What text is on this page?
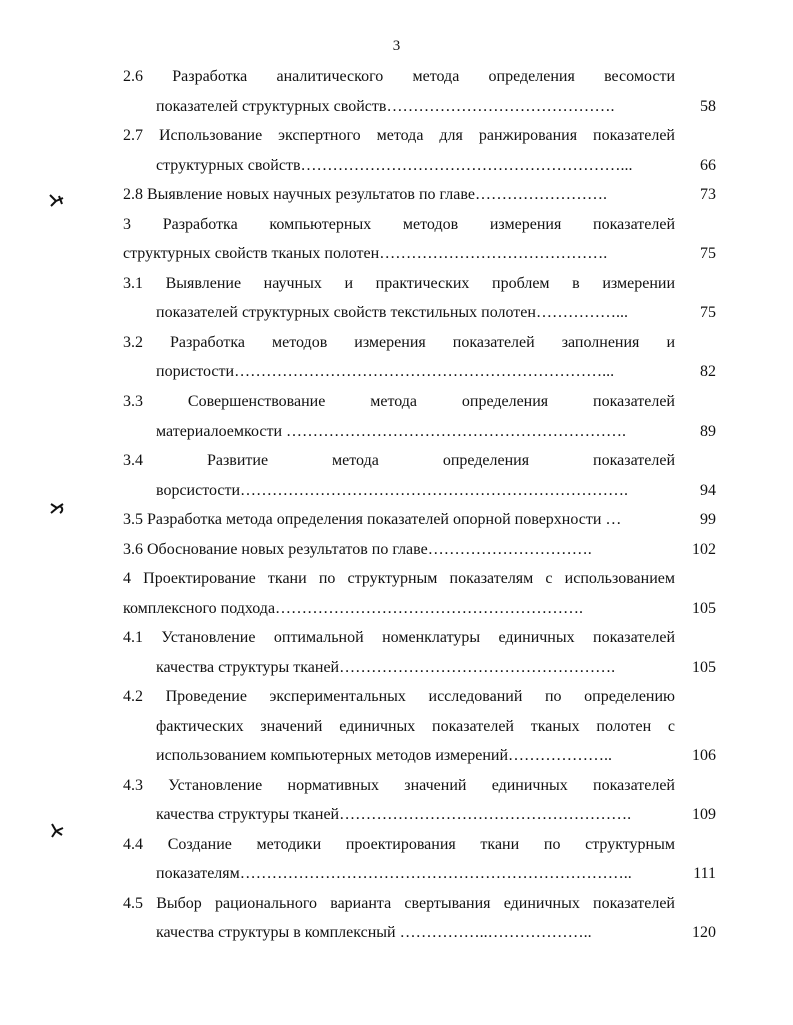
3
2.6 Разработка аналитического метода определения весомости
показателей структурных свойств…………………………………….	58
2.7 Использование экспертного метода для ранжирования показателей
структурных свойств……………………………………………………...	66
2.8 Выявление новых научных результатов по главе…………………….	73
3 Разработка компьютерных методов измерения показателей
структурных свойств тканых полотен…………………………………….	75
3.1 Выявление научных и практических проблем в измерении
показателей структурных свойств текстильных полотен……………...	75
3.2 Разработка методов измерения показателей заполнения и
пористости……………………………………………………………...	82
3.3 Совершенствование метода определения показателей
материалоемкости ……………………………………………………….	89
3.4 Развитие метода определения показателей
ворсистости……………………………………………………………….	94
3.5 Разработка метода определения показателей опорной поверхности …	99
3.6 Обоснование новых результатов по главе………………………….	102
4 Проектирование ткани по структурным показателям с использованием
комплексного подхода………………………………………………….	105
4.1 Установление оптимальной номенклатуры единичных показателей
качества структуры тканей…………………………………………….	105
4.2 Проведение экспериментальных исследований по определению
фактических значений единичных показателей тканых полотен с
использованием компьютерных методов измерений………………..	106
4.3 Установление нормативных значений единичных показателей
качества структуры тканей……………………………………………….	109
4.4 Создание методики проектирования ткани по структурным
показателям………………………………………………………………..	111
4.5 Выбор рационального варианта свертывания единичных показателей
качества структуры в комплексный ……………..………………..	120
